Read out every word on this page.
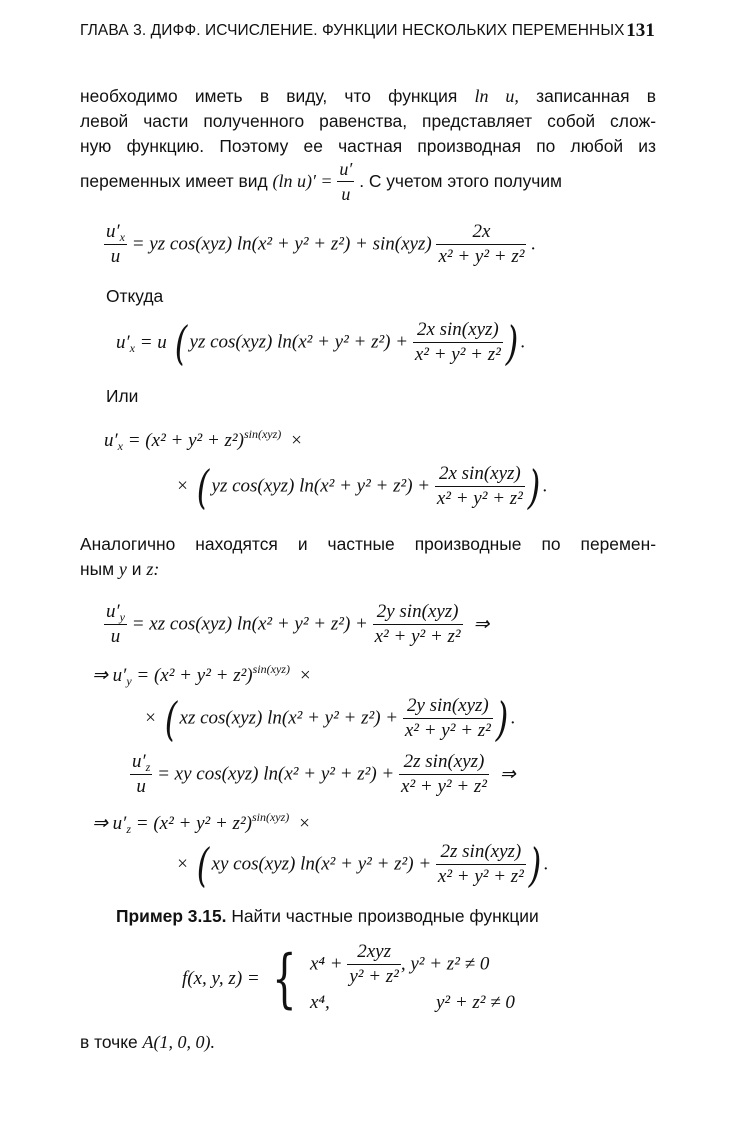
ГЛАВА 3. ДИФФ. ИСЧИСЛЕНИЕ. ФУНКЦИИ НЕСКОЛЬКИХ ПЕРЕМЕННЫХ 131
необходимо иметь в виду, что функция ln u, записанная в
левой части полученного равенства, представляет собой слож-
ную функцию. Поэтому ее частная производная по любой из
переменных имеет вид (ln $u)' = \frac{u'}{u}$ . С учетом этого получим
$\frac{u'_x}{u}$ = yz cos(xyz) $\ln(x^2 + y^2 + z^2) + \sin(xyz) \frac{2x}{\text{x² + y² + z²}}$ .
Откуда
$u'_x = u$ ( yz cos(xyz) $\ln(x^2 + y^2 + z^2) + \frac{\text{2x sin(xyz)}}{\text{x² + y² + z²}}$ ) .
Или
$u'_x = (x^2 + y^2 + z^2)^{sin(xyz)}$ ×
× ( yz cos(xyz) $\ln(x^2 + y^2 + z^2) + \frac{\text{2x sin(xyz)}}{\text{x² + y² + z²}}$ ) .
Аналогично находятся и частные производные по перемен-
ным y и z:
$\frac{u'_y}{u}$ = xz cos(xyz) $\ln(x^2 + y^2 + z^2) + \frac{\text{2y sin(xyz)}}{\text{x² + y² + z²}}$ ⇒
⇒ $u'_y = (x^2 + y^2 + z^2)^{sin(xyz)}$ ×
× ( xz cos(xyz) $\ln(x^2 + y^2 + z^2) + \frac{\text{2y sin(xyz)}}{\text{x² + y² + z²}}$ ) .
$\frac{u'_z}{u}$ = xy cos(xyz) $\ln(x^2 + y^2 + z^2) + \frac{\text{2z sin(xyz)}}{\text{x² + y² + z²}}$ ⇒
⇒ $u'_z = (x^2 + y^2 + z^2)^{sin(xyz)}$ ×
× ( xy cos(xyz) $\ln(x^2 + y^2 + z^2) + \frac{\text{2z sin(xyz)}}{\text{x² + y² + z²}}$ ) .
Пример 3.15. Найти частные производные функции
f(x, y, z) = { $x^4 + \frac{\text{2xyz}}{\text{y² + z²}}$ , y² + z² ≠ 0
x⁴,	y² + z² ≠ 0
в точке A(1, 0, 0).
